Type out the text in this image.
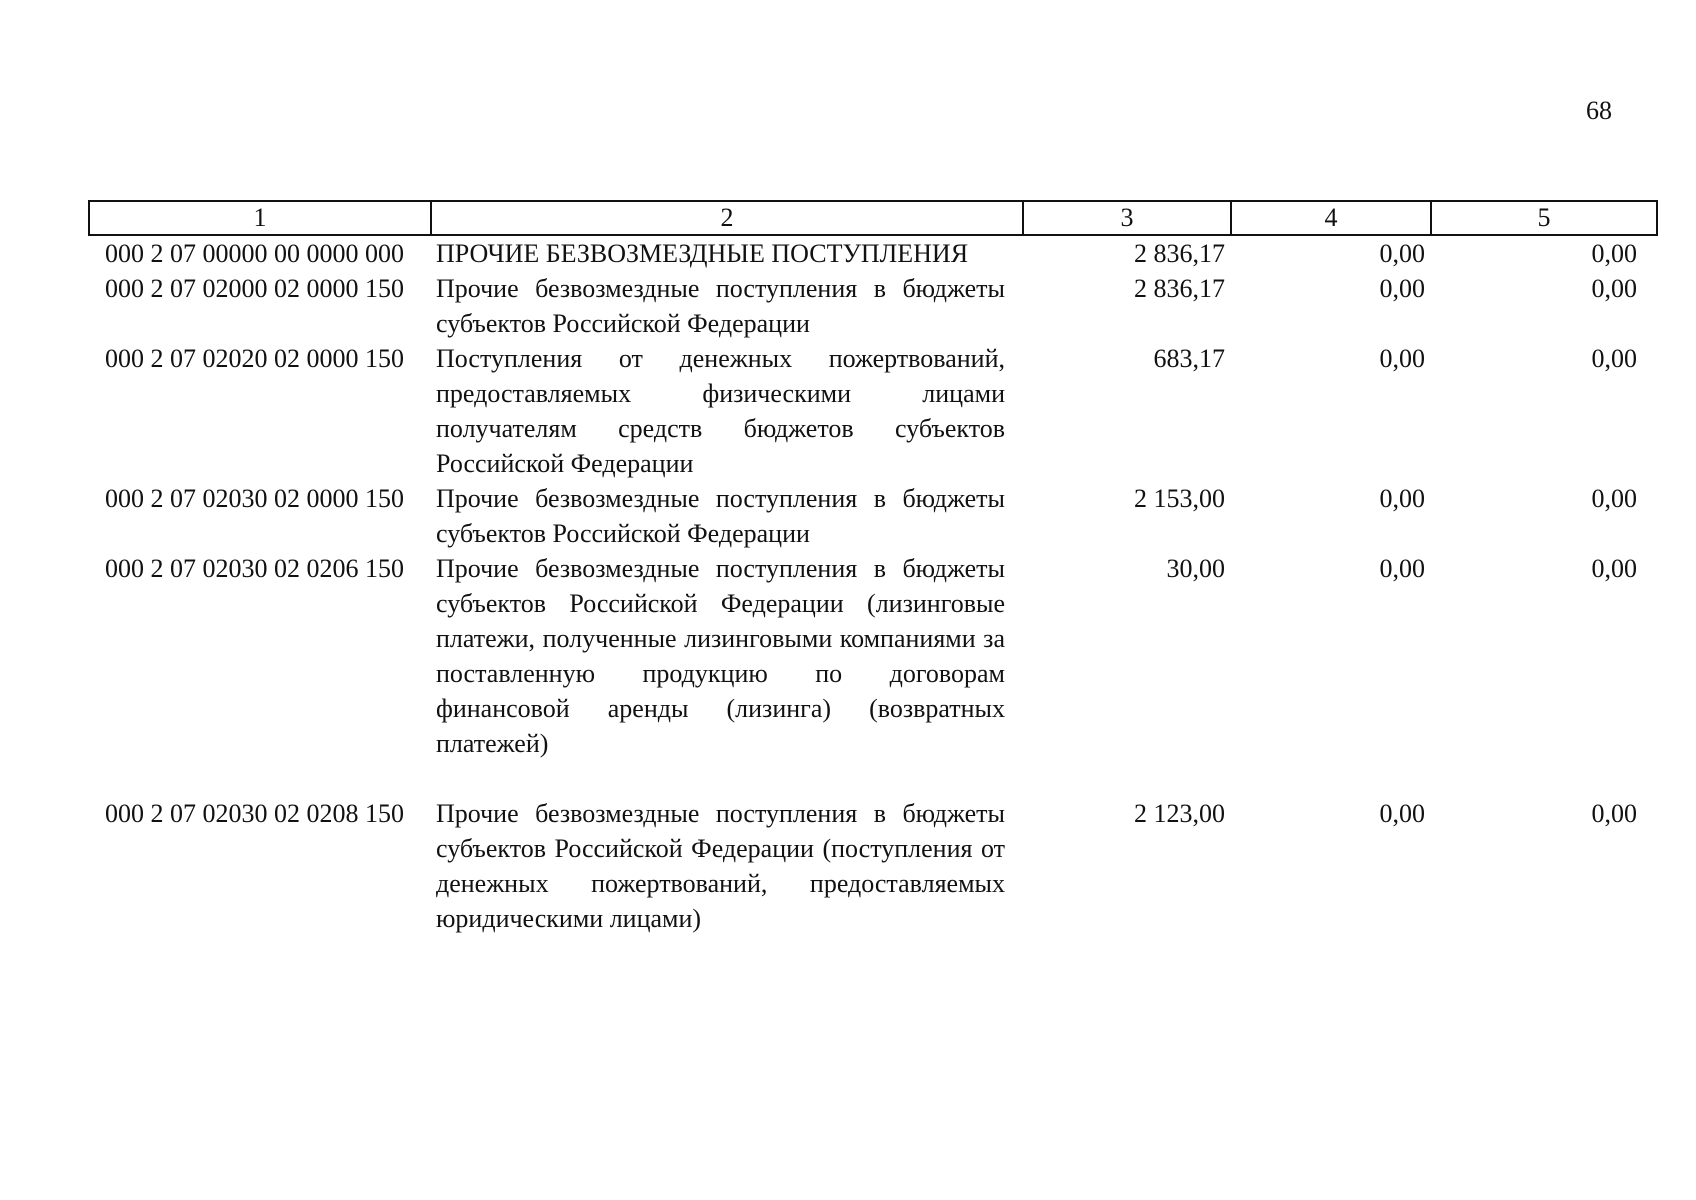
68
1	2	3	4	5
000 2 07 00000 00 0000 000	ПРОЧИЕ БЕЗВОЗМЕЗДНЫЕ ПОСТУПЛЕНИЯ	2 836,17	0,00	0,00
000 2 07 02000 02 0000 150	Прочие безвозмездные поступления в бюджеты субъектов Российской Федерации	2 836,17	0,00	0,00
000 2 07 02020 02 0000 150	Поступления от денежных пожертвований, предоставляемых физическими лицами получателям средств бюджетов субъектов Российской Федерации	683,17	0,00	0,00
000 2 07 02030 02 0000 150	Прочие безвозмездные поступления в бюджеты субъектов Российской Федерации	2 153,00	0,00	0,00
000 2 07 02030 02 0206 150	Прочие безвозмездные поступления в бюджеты субъектов Российской Федерации (лизинговые платежи, полученные лизинговыми компаниями за поставленную продукцию по договорам финансовой аренды (лизинга) (возвратных платежей)	30,00	0,00	0,00
000 2 07 02030 02 0208 150	Прочие безвозмездные поступления в бюджеты субъектов Российской Федерации (поступления от денежных пожертвований, предоставляемых юридическими лицами)	2 123,00	0,00	0,00
